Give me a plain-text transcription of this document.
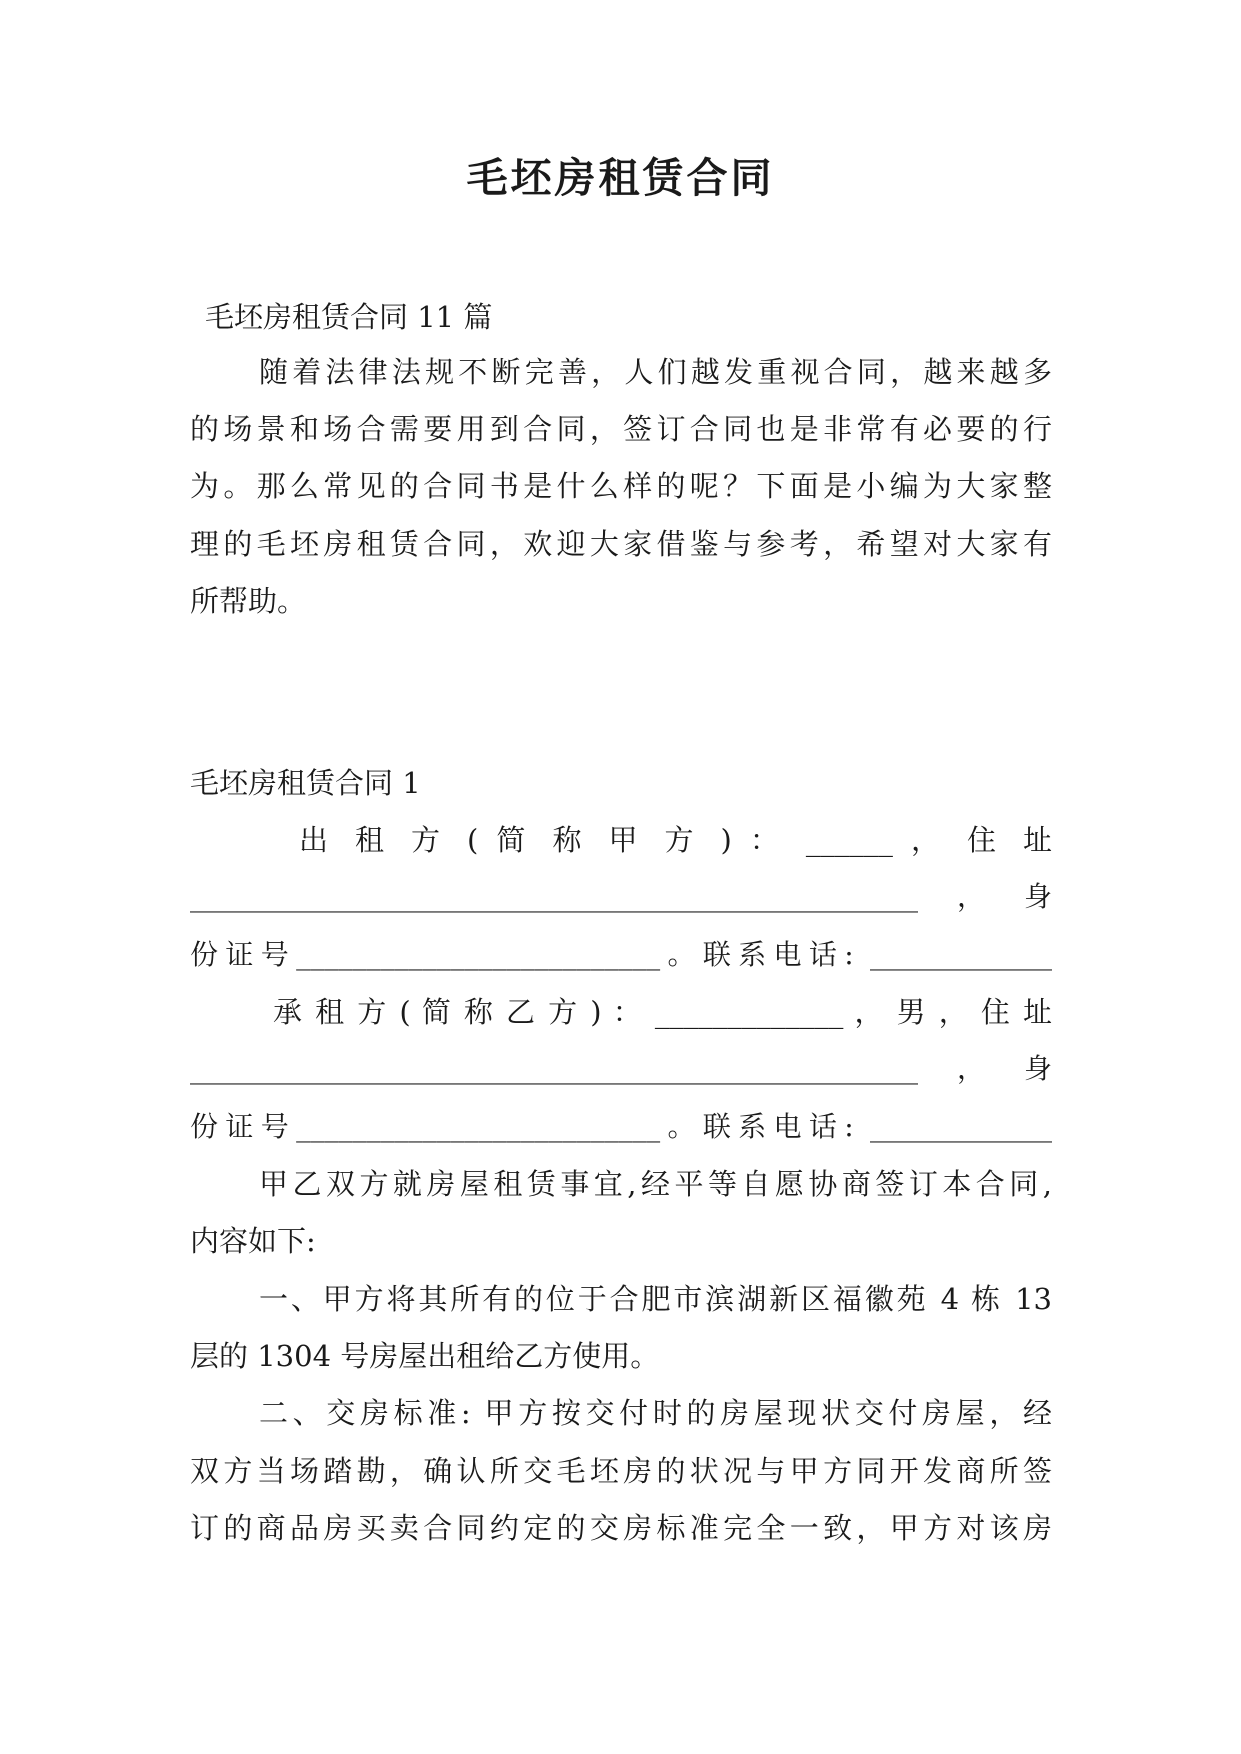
毛坯房租赁合同
毛坯房租赁合同 11 篇
随着法律法规不断完善，人们越发重视合同，越来越多
的场景和场合需要用到合同，签订合同也是非常有必要的行
为。那么常见的合同书是什么样的呢？下面是小编为大家整
理的毛坯房租赁合同，欢迎大家借鉴与参考，希望对大家有
所帮助。
毛坯房租赁合同 1
出 租 方 ( 简 称 甲 方 ) ： ______ ， 住 址
____________________________________________________，身
份证号__________________________。联系电话: _____________
承 租 方 ( 简 称 乙 方 ) ： _____________ ， 男 ， 住 址
____________________________________________________，身
份证号__________________________。联系电话: _____________
甲乙双方就房屋租赁事宜,经平等自愿协商签订本合同,
内容如下:
一、甲方将其所有的位于合肥市滨湖新区福徽苑 4 栋 13
层的 1304 号房屋出租给乙方使用。
二、交房标准: 甲方按交付时的房屋现状交付房屋，经
双方当场踏勘，确认所交毛坯房的状况与甲方同开发商所签
订的商品房买卖合同约定的交房标准完全一致，甲方对该房
